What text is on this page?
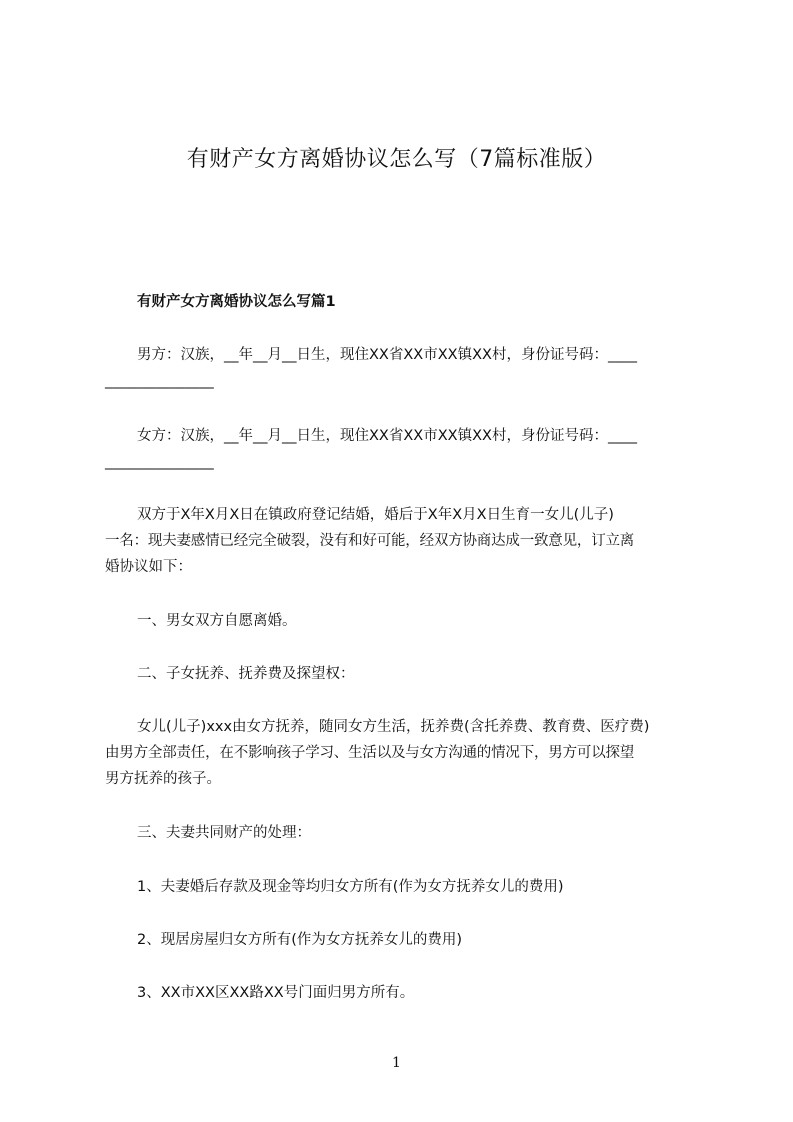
有财产女方离婚协议怎么写（7篇标准版）
有财产女方离婚协议怎么写篇1
男方：汉族，__年__月__日生，现住XX省XX市XX镇XX村，身份证号码：____
_______________
女方：汉族，__年__月__日生，现住XX省XX市XX镇XX村，身份证号码：____
_______________
双方于X年X月X日在镇政府登记结婚，婚后于X年X月X日生育一女儿(儿子)
一名：现夫妻感情已经完全破裂，没有和好可能，经双方协商达成一致意见，订立离
婚协议如下：
一、男女双方自愿离婚。
二、子女抚养、抚养费及探望权：
女儿(儿子)xxx由女方抚养，随同女方生活，抚养费(含托养费、教育费、医疗费)
由男方全部责任，在不影响孩子学习、生活以及与女方沟通的情况下，男方可以探望
男方抚养的孩子。
三、夫妻共同财产的处理：
1、夫妻婚后存款及现金等均归女方所有(作为女方抚养女儿的费用)
2、现居房屋归女方所有(作为女方抚养女儿的费用)
3、XX市XX区XX路XX号门面归男方所有。
1
